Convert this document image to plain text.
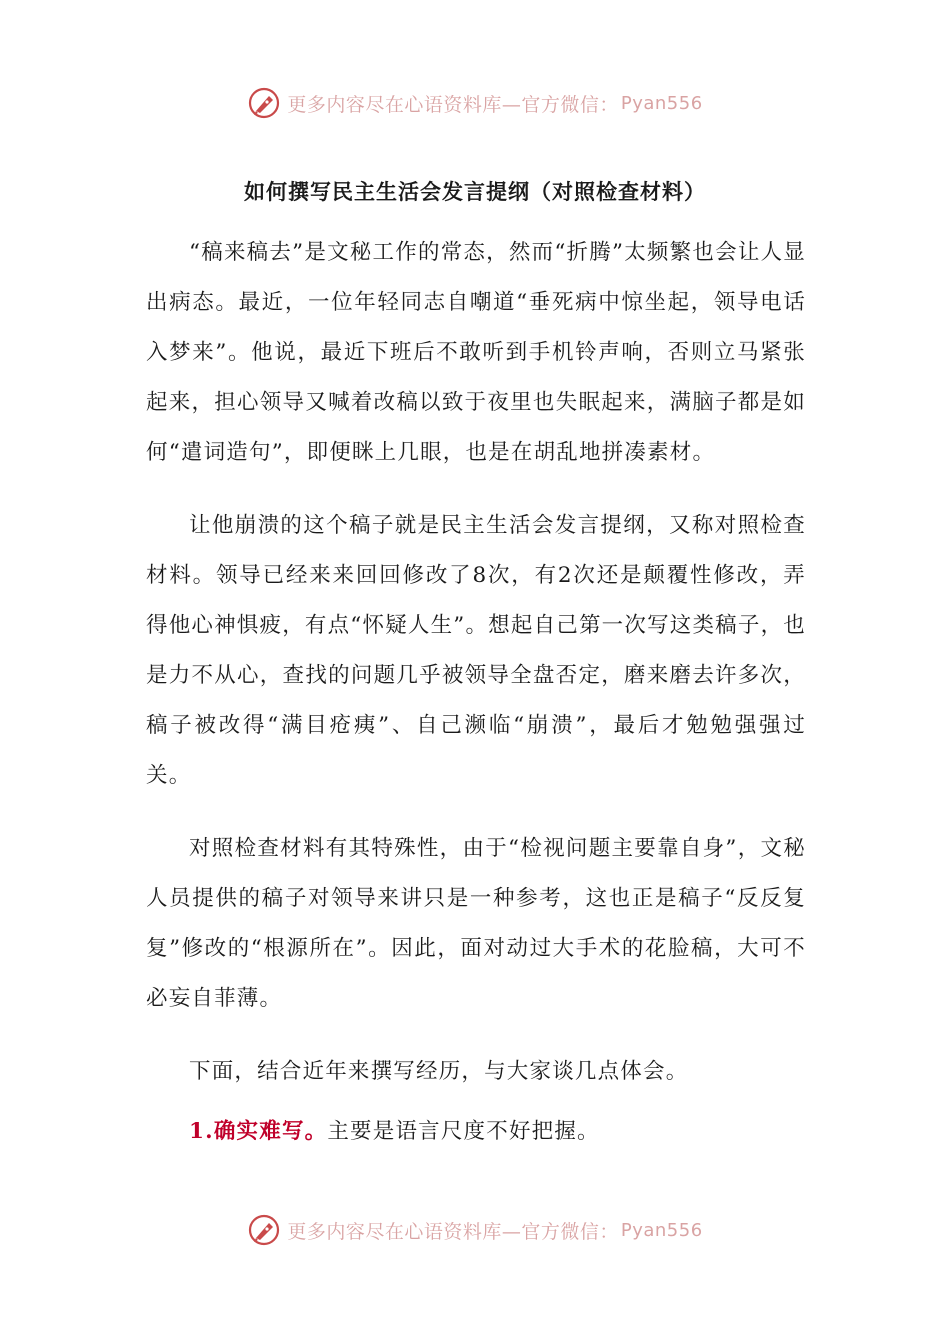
更多内容尽在心语资料库—官方微信： Pyan556
如何撰写民主生活会发言提纲（对照检查材料）

“稿来稿去”是文秘工作的常态，然而“折腾”太频繁也会让人显出病态。最近，一位年轻同志自嘲道“垂死病中惊坐起，领导电话入梦来”。他说，最近下班后不敢听到手机铃声响，否则立马紧张起来，担心领导又喊着改稿以致于夜里也失眠起来，满脑子都是如何“遣词造句”，即便眯上几眼，也是在胡乱地拼凑素材。

让他崩溃的这个稿子就是民主生活会发言提纲，又称对照检查材料。领导已经来来回回修改了8次，有2次还是颠覆性修改，弄得他心神惧疲，有点“怀疑人生”。想起自己第一次写这类稿子，也是力不从心，查找的问题几乎被领导全盘否定，磨来磨去许多次，稿子被改得“满目疮痍”、自己濒临“崩溃”，最后才勉勉强强过关。

对照检查材料有其特殊性，由于“检视问题主要靠自身”，文秘人员提供的稿子对领导来讲只是一种参考，这也正是稿子“反反复复”修改的“根源所在”。因此，面对动过大手术的花脸稿，大可不必妄自菲薄。

下面，结合近年来撰写经历，与大家谈几点体会。

1.确实难写。主要是语言尺度不好把握。

更多内容尽在心语资料库—官方微信： Pyan556
